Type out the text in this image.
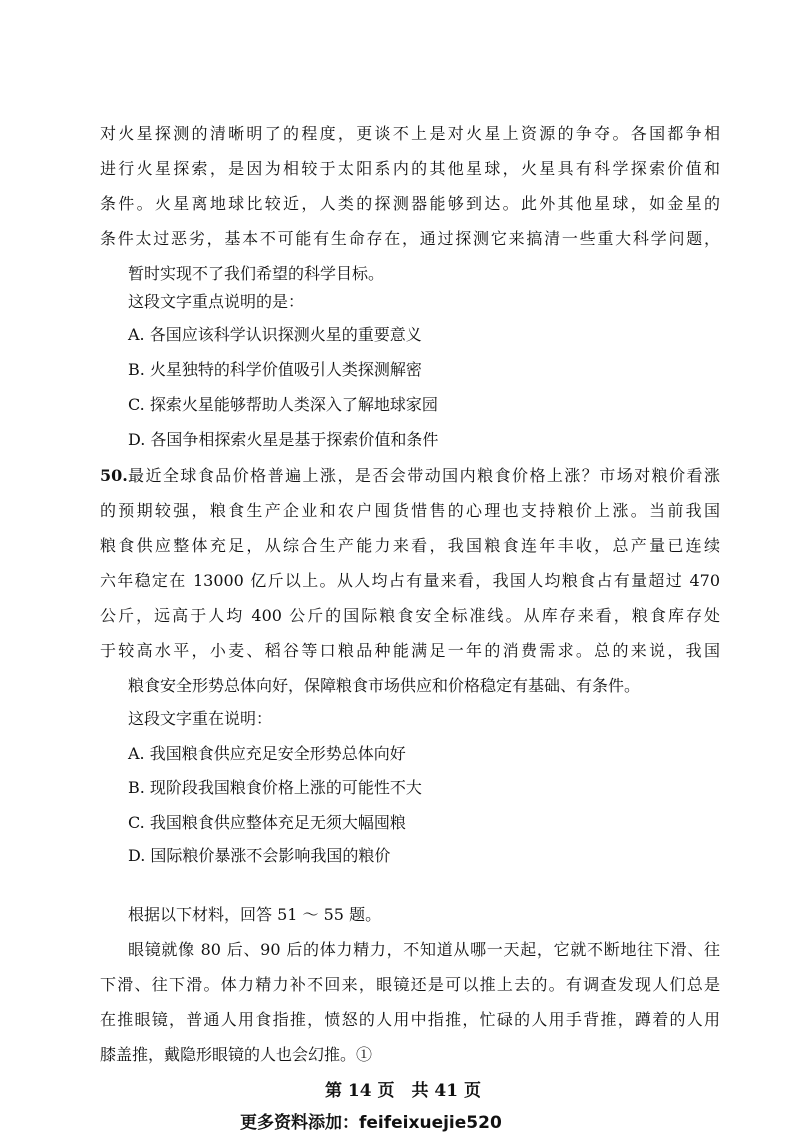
对火星探测的清晰明了的程度，更谈不上是对火星上资源的争夺。各国都争相
进行火星探索，是因为相较于太阳系内的其他星球，火星具有科学探索价值和
条件。火星离地球比较近，人类的探测器能够到达。此外其他星球，如金星的
条件太过恶劣，基本不可能有生命存在，通过探测它来搞清一些重大科学问题，
暂时实现不了我们希望的科学目标。
这段文字重点说明的是：
A. 各国应该科学认识探测火星的重要意义
B. 火星独特的科学价值吸引人类探测解密
C. 探索火星能够帮助人类深入了解地球家园
D. 各国争相探索火星是基于探索价值和条件
50. 最近全球食品价格普遍上涨，是否会带动国内粮食价格上涨？市场对粮价看涨
的预期较强，粮食生产企业和农户囤货惜售的心理也支持粮价上涨。当前我国
粮食供应整体充足，从综合生产能力来看，我国粮食连年丰收，总产量已连续
六年稳定在 13000 亿斤以上。从人均占有量来看，我国人均粮食占有量超过 470
公斤，远高于人均 400 公斤的国际粮食安全标准线。从库存来看，粮食库存处
于较高水平，小麦、稻谷等口粮品种能满足一年的消费需求。总的来说，我国
粮食安全形势总体向好，保障粮食市场供应和价格稳定有基础、有条件。
这段文字重在说明：
A. 我国粮食供应充足安全形势总体向好
B. 现阶段我国粮食价格上涨的可能性不大
C. 我国粮食供应整体充足无须大幅囤粮
D. 国际粮价暴涨不会影响我国的粮价
根据以下材料，回答 51 ～ 55 题。
眼镜就像 80 后、90 后的体力精力，不知道从哪一天起，它就不断地往下滑、往
下滑、往下滑。体力精力补不回来，眼镜还是可以推上去的。有调查发现人们总是
在推眼镜，普通人用食指推，愤怒的人用中指推，忙碌的人用手背推，蹲着的人用
膝盖推，戴隐形眼镜的人也会幻推。①
第 14 页　共 41 页
更多资料添加：feifeixuejie520
